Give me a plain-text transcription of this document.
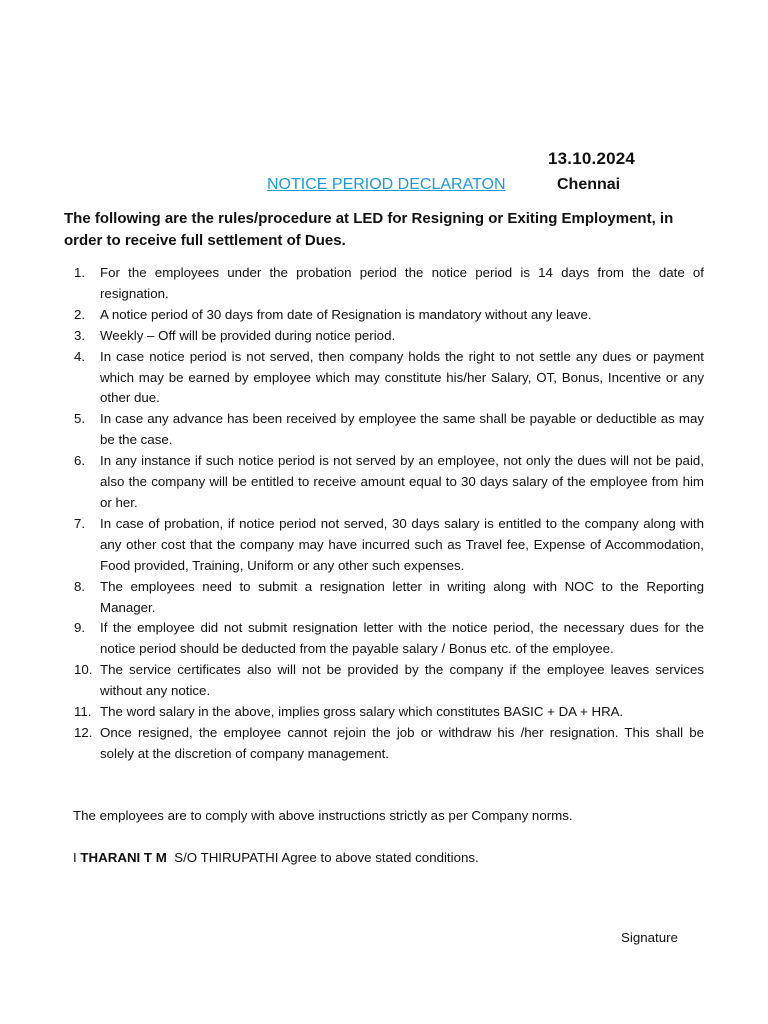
13.10.2024
NOTICE PERIOD DECLARATON	Chennai
The following are the rules/procedure at LED for Resigning or Exiting Employment, in order to receive full settlement of Dues.
1. For the employees under the probation period the notice period is 14 days from the date of resignation.
2. A notice period of 30 days from date of Resignation is mandatory without any leave.
3. Weekly – Off will be provided during notice period.
4. In case notice period is not served, then company holds the right to not settle any dues or payment which may be earned by employee which may constitute his/her Salary, OT, Bonus, Incentive or any other due.
5. In case any advance has been received by employee the same shall be payable or deductible as may be the case.
6. In any instance if such notice period is not served by an employee, not only the dues will not be paid, also the company will be entitled to receive amount equal to 30 days salary of the employee from him or her.
7. In case of probation, if notice period not served, 30 days salary is entitled to the company along with any other cost that the company may have incurred such as Travel fee, Expense of Accommodation, Food provided, Training, Uniform or any other such expenses.
8. The employees need to submit a resignation letter in writing along with NOC to the Reporting Manager.
9. If the employee did not submit resignation letter with the notice period, the necessary dues for the notice period should be deducted from the payable salary / Bonus etc. of the employee.
10. The service certificates also will not be provided by the company if the employee leaves services without any notice.
11. The word salary in the above, implies gross salary which constitutes BASIC + DA + HRA.
12. Once resigned, the employee cannot rejoin the job or withdraw his /her resignation. This shall be solely at the discretion of company management.
The employees are to comply with above instructions strictly as per Company norms.
I THARANI T M S/O THIRUPATHI Agree to above stated conditions.
Signature
